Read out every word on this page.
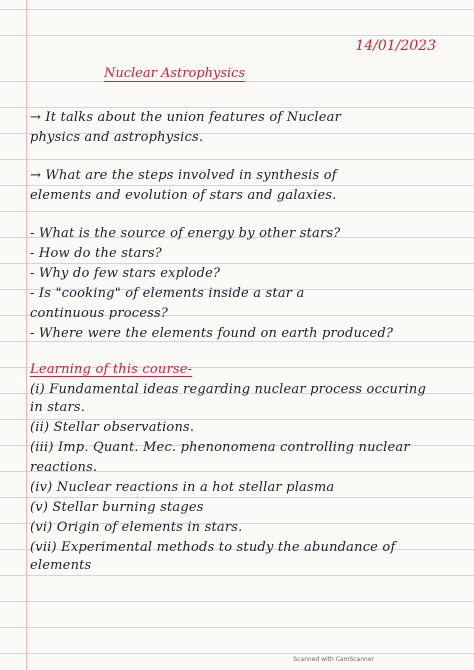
14/01/2023
Nuclear Astrophysics
→ It talks about the union features of Nuclear
physics and astrophysics.
→ What are the steps involved in synthesis of
elements and evolution of stars and galaxies.
- What is the source of energy by other stars?
- How do the stars?
- Why do few stars explode?
- Is "cooking" of elements inside a star a
continuous process?
- Where were the elements found on earth produced?
Learning of this course-
(i) Fundamental ideas regarding nuclear process occuring
in stars.
(ii) Stellar observations.
(iii) Imp. Quant. Mec. phenonomena controlling nuclear
reactions.
(iv) Nuclear reactions in a hot stellar plasma
(v) Stellar burning stages
(vi) Origin of elements in stars.
(vii) Experimental methods to study the abundance of
elements
Scanned with CamScanner
